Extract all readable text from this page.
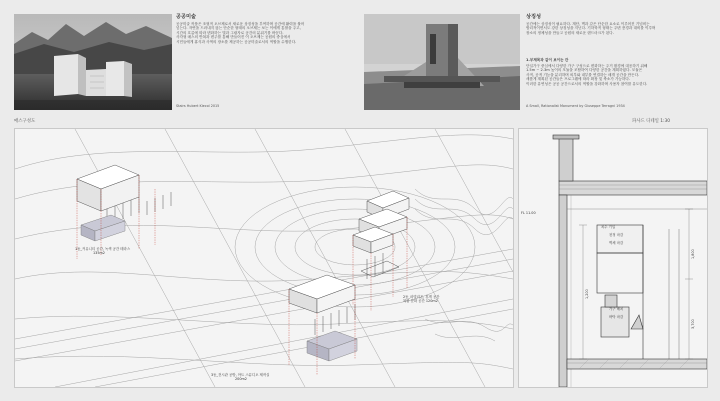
공공미술
공공미술 작품은 조형적 오브제로서 새로운 상징성을 부여하며 공간에 활력을 불어
넣는다. 자연을 드러내지 않는 단순한 형태의 오브제는 보는 이에게 통찰을 주고,
시간의 흐름에 따라 변화하는 빛과 그림자로 공간의 분위기를 바꾼다.
사각형 매스의 반복과 변주를 통해 만들어진 이 오브제는 공원의 중심에서
시민들에게 휴식과 사색의 장소를 제공하는 공공미술로서의 역할을 수행한다.
Stairs Hubert Kiecol 2015
상징성
공간에는 상징성이 필요하다. 계단, 벽과 같은 단순한 요소로 이루어진 기념비는
합리적이면서도 강한 상징성을 지닌다. 기하학적 형태는 주변 풍경과 대비를 이루며
장소의 정체성을 만들고 공원의 새로운 랜드마크가 된다.
1.부제목과 같이 보이는 칸
단일가구 중심에서 다양한 가구 구성으로 변화하는 주거 환경에 대응하기 위해
1.5m ~ 2.3m 높이의 모듈을 조합하여 다양한 공간을 계획하였다. 모듈은
사적, 공적 기능을 분리하며 외부와 내부를 연결하는 매개 공간을 만든다.
새롭게 계획된 공간들은 프로그램에 따라 확장 및 축소가 가능하다.
이러한 유연성은 공공 공간으로서의 역할을 강화하며 사용자 참여를 유도한다.
A Small, Rationalist Monument by Giuseppe Terragni 1934
매스구성도	파사드 디테일 1:30
1동_커뮤니티 공간, 녹색 공간 테라스
135m2
2동_파빌리온, 휴게 공간
복합 문화 공간 120m2
3동_전시관 공방, 아트 스튜디오 제작실
200m2
FL 11.00
치수 기입
천정 마감
벽체 마감
가구 배치
바닥 마감
1,800
3,700
1,200
